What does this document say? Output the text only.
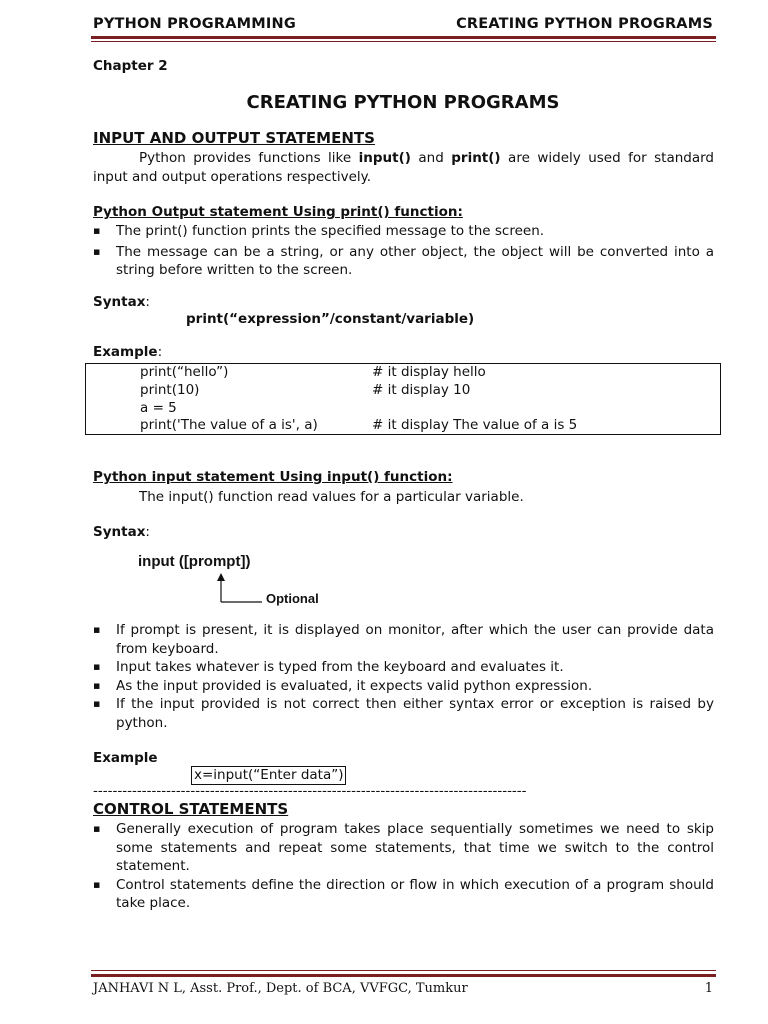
PYTHON PROGRAMMING	CREATING PYTHON PROGRAMS
Chapter 2
CREATING PYTHON PROGRAMS
INPUT AND OUTPUT STATEMENTS
Python provides functions like input() and print() are widely used for standard input and output operations respectively.
Python Output statement Using print() function:
▪ The print() function prints the specified message to the screen.
▪ The message can be a string, or any other object, the object will be converted into a string before written to the screen.
Syntax:
print(“expression”/constant/variable)
Example:
print(“hello”)	# it display hello
print(10)	# it display 10
a = 5
print('The value of a is', a)	# it display The value of a is 5
Python input statement Using input() function:
The input() function read values for a particular variable.
Syntax:
input ([prompt])
Optional
▪ If prompt is present, it is displayed on monitor, after which the user can provide data from keyboard.
▪ Input takes whatever is typed from the keyboard and evaluates it.
▪ As the input provided is evaluated, it expects valid python expression.
▪ If the input provided is not correct then either syntax error or exception is raised by python.
Example
x=input(“Enter data”)
-----------------------------------------------------------------------------------------
CONTROL STATEMENTS
▪ Generally execution of program takes place sequentially sometimes we need to skip some statements and repeat some statements, that time we switch to the control statement.
▪ Control statements define the direction or flow in which execution of a program should take place.
JANHAVI N L, Asst. Prof., Dept. of BCA, VVFGC, Tumkur	1
